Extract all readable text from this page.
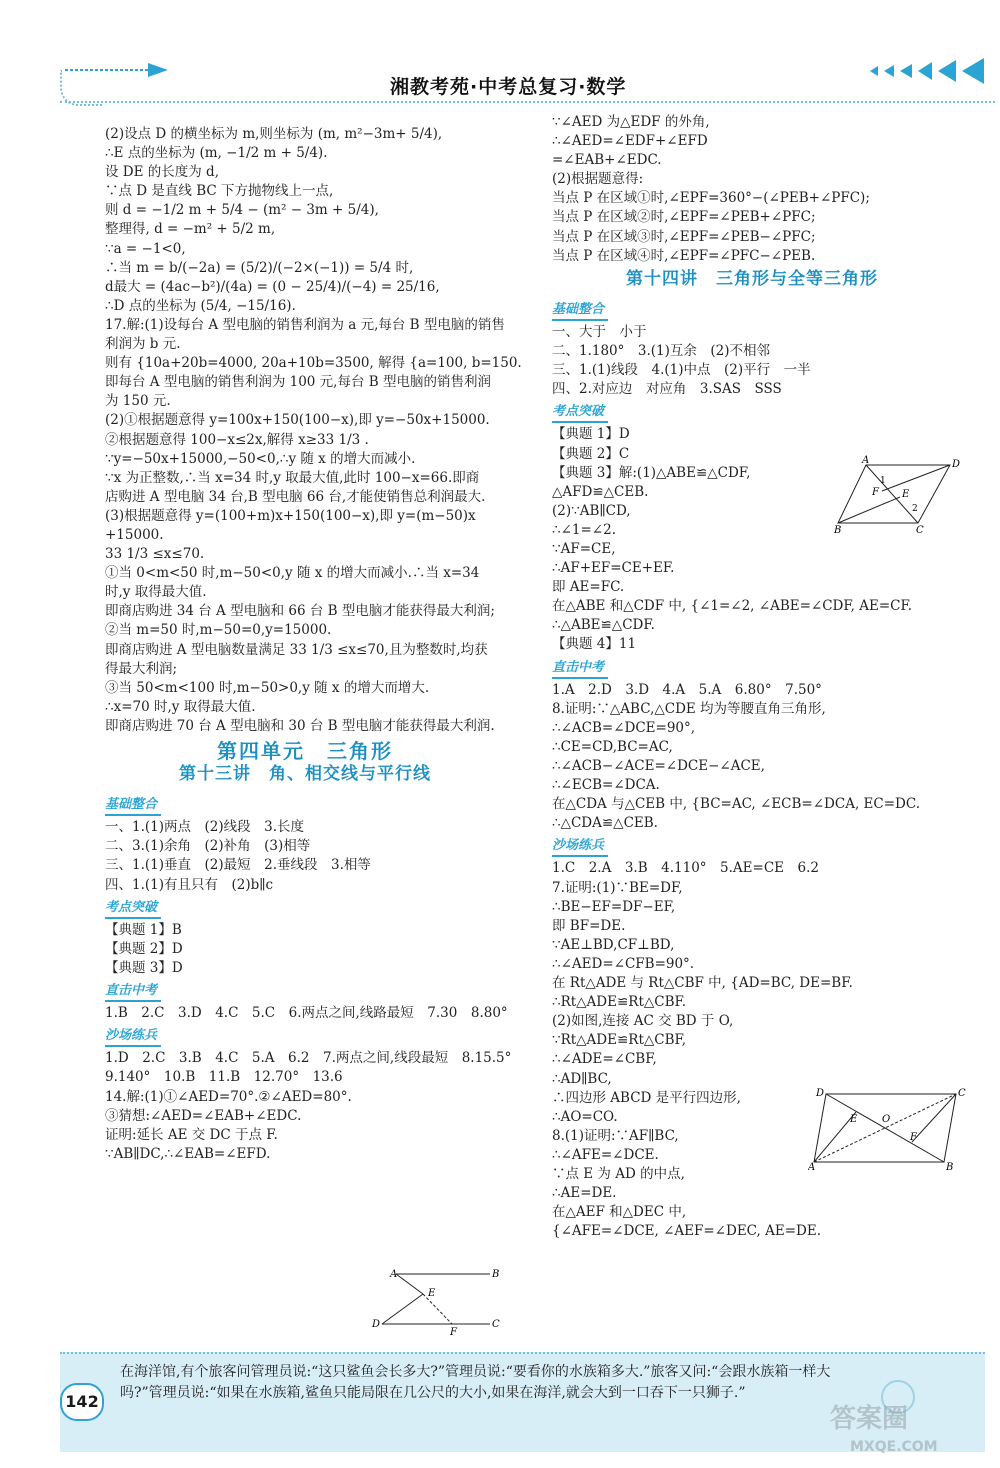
湘教考苑·中考总复习·数学
(2)设点 D 的横坐标为 m,则坐标为 (m, m²−3m+ 5/4),
∴E 点的坐标为 (m, −1/2 m + 5/4).
设 DE 的长度为 d,
∵点 D 是直线 BC 下方抛物线上一点,
则 d = −1/2 m + 5/4 − (m² − 3m + 5/4),
整理得, d = −m² + 5/2 m,
∵a = −1<0,
∴当 m = b/(−2a) = (5/2)/(−2×(−1)) = 5/4 时,
d最大 = (4ac−b²)/(4a) = (0 − 25/4)/(−4) = 25/16,
∴D 点的坐标为 (5/4, −15/16).
17.解:(1)设每台 A 型电脑的销售利润为 a 元,每台 B 型电脑的销售
利润为 b 元.
则有 {10a+20b=4000, 20a+10b=3500, 解得 {a=100, b=150.
即每台 A 型电脑的销售利润为 100 元,每台 B 型电脑的销售利润
为 150 元.
(2)①根据题意得 y=100x+150(100−x),即 y=−50x+15000.
②根据题意得 100−x≤2x,解得 x≥33 1/3 .
∵y=−50x+15000,−50<0,∴y 随 x 的增大而减小.
∵x 为正整数,∴当 x=34 时,y 取最大值,此时 100−x=66.即商
店购进 A 型电脑 34 台,B 型电脑 66 台,才能使销售总利润最大.
(3)根据题意得 y=(100+m)x+150(100−x),即 y=(m−50)x
+15000.
33 1/3 ≤x≤70.
①当 0<m<50 时,m−50<0,y 随 x 的增大而减小.∴当 x=34
时,y 取得最大值.
即商店购进 34 台 A 型电脑和 66 台 B 型电脑才能获得最大利润;
②当 m=50 时,m−50=0,y=15000.
即商店购进 A 型电脑数量满足 33 1/3 ≤x≤70,且为整数时,均获
得最大利润;
③当 50<m<100 时,m−50>0,y 随 x 的增大而增大.
∴x=70 时,y 取得最大值.
即商店购进 70 台 A 型电脑和 30 台 B 型电脑才能获得最大利润.
第四单元　三角形
第十三讲　角、相交线与平行线
基础整合
一、1.(1)两点　(2)线段　3.长度
二、3.(1)余角　(2)补角　(3)相等
三、1.(1)垂直　(2)最短　2.垂线段　3.相等
四、1.(1)有且只有　(2)b∥c
考点突破
【典题 1】B
【典题 2】D
【典题 3】D
直击中考
1.B　2.C　3.D　4.C　5.C　6.两点之间,线路最短　7.30　8.80°
沙场练兵
1.D　2.C　3.B　4.C　5.A　6.2　7.两点之间,线段最短　8.15.5°
9.140°　10.B　11.B　12.70°　13.6
14.解:(1)①∠AED=70°.②∠AED=80°.
③猜想:∠AED=∠EAB+∠EDC.
证明:延长 AE 交 DC 于点 F.
∵AB∥DC,∴∠EAB=∠EFD.
A	B
E
D
F
C
∵∠AED 为△EDF 的外角,
∴∠AED=∠EDF+∠EFD
=∠EAB+∠EDC.
(2)根据题意得:
当点 P 在区域①时,∠EPF=360°−(∠PEB+∠PFC);
当点 P 在区域②时,∠EPF=∠PEB+∠PFC;
当点 P 在区域③时,∠EPF=∠PEB−∠PFC;
当点 P 在区域④时,∠EPF=∠PFC−∠PEB.
第十四讲　三角形与全等三角形
基础整合
一、大于　小于
二、1.180°　3.(1)互余　(2)不相邻
三、1.(1)线段　4.(1)中点　(2)平行　一半
四、2.对应边　对应角　3.SAS　SSS
考点突破
【典题 1】D
【典题 2】C
【典题 3】解:(1)△ABE≌△CDF,
△AFD≌△CEB.
(2)∵AB∥CD,
∴∠1=∠2.
∵AF=CE,
∴AF+EF=CE+EF.
即 AE=FC.
在△ABE 和△CDF 中, {∠1=∠2, ∠ABE=∠CDF, AE=CF.
∴△ABE≌△CDF.
【典题 4】11
直击中考
1.A　2.D　3.D　4.A　5.A　6.80°　7.50°
8.证明:∵△ABC,△CDE 均为等腰直角三角形,
∴∠ACB=∠DCE=90°,
∴CE=CD,BC=AC,
∴∠ACB−∠ACE=∠DCE−∠ACE,
∴∠ECB=∠DCA.
在△CDA 与△CEB 中, {BC=AC, ∠ECB=∠DCA, EC=DC.
∴△CDA≌△CEB.
沙场练兵
1.C　2.A　3.B　4.110°　5.AE=CE　6.2
7.证明:(1)∵BE=DF,
∴BE−EF=DF−EF,
即 BF=DE.
∵AE⊥BD,CF⊥BD,
∴∠AED=∠CFB=90°.
在 Rt△ADE 与 Rt△CBF 中, {AD=BC, DE=BF.
∴Rt△ADE≌Rt△CBF.
(2)如图,连接 AC 交 BD 于 O,
∵Rt△ADE≌Rt△CBF,
∴∠ADE=∠CBF,
∴AD∥BC,
∴四边形 ABCD 是平行四边形,
∴AO=CO.
8.(1)证明:∵AF∥BC,
∴∠AFE=∠DCE.
∵点 E 为 AD 的中点,
∴AE=DE.
在△AEF 和△DEC 中,
{∠AFE=∠DCE, ∠AEF=∠DEC, AE=DE.
A	D
F E
1
2
B	C
D	C
E O
F
A	B
142
在海洋馆,有个旅客问管理员说:“这只鲨鱼会长多大?”管理员说:“要看你的水族箱多大.”旅客又问:“会跟水族箱一样大吗?”管理员说:“如果在水族箱,鲨鱼只能局限在几公尺的大小,如果在海洋,就会大到一口吞下一只狮子.”
答案圈
MXQE.COM
